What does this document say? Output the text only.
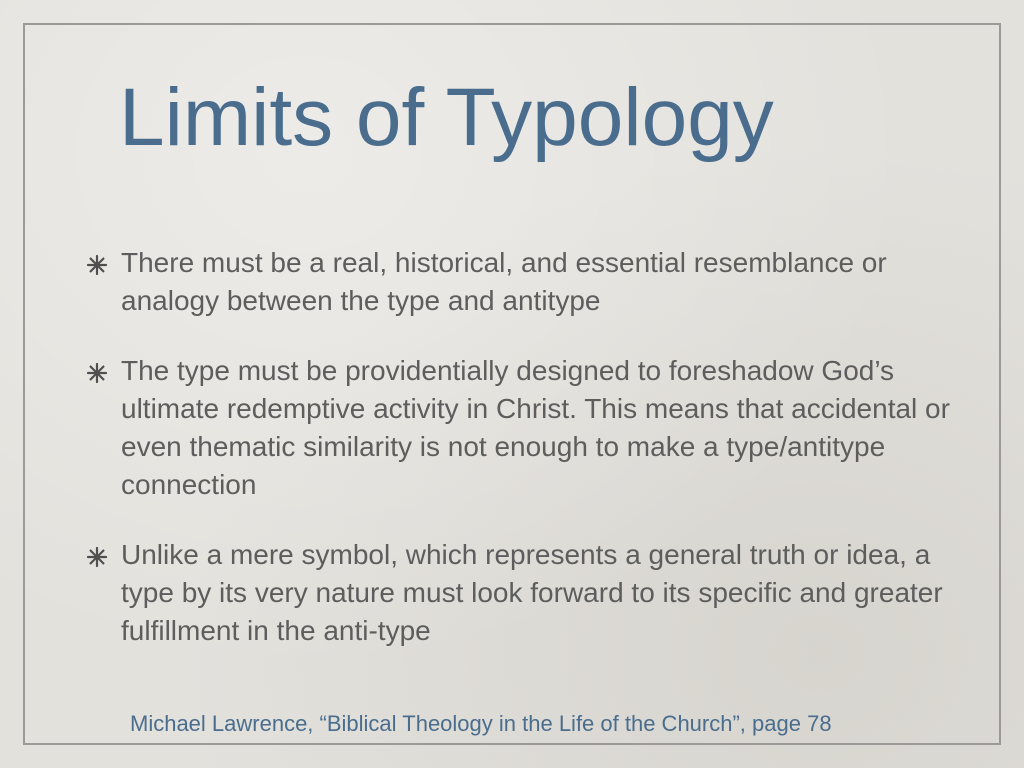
Limits of Typology
There must be a real, historical, and essential resemblance or analogy between the type and antitype
The type must be providentially designed to foreshadow God’s ultimate redemptive activity in Christ. This means that accidental or even thematic similarity is not enough to make a type/antitype connection
Unlike a mere symbol, which represents a general truth or idea, a type by its very nature must look forward to its specific and greater fulfillment in the anti-type

Michael Lawrence, “Biblical Theology in the Life of the Church”, page 78
